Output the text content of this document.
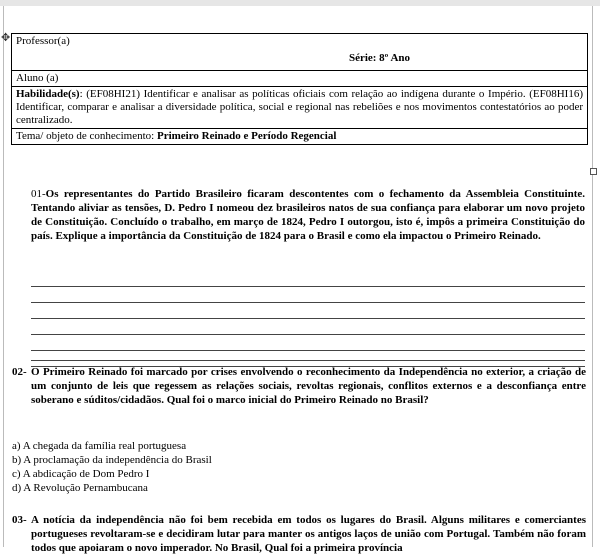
✥ Professor(a)
Série: 8º Ano

Aluno (a)
Habilidade(s): (EF08HI21) Identificar e analisar as políticas oficiais com relação ao indígena durante o Império. (EF08HI16) Identificar, comparar e analisar a diversidade política, social e regional nas rebeliões e nos movimentos contestatórios ao poder centralizado.
Tema/ objeto de conhecimento: Primeiro Reinado e Período Regencial
01-Os representantes do Partido Brasileiro ficaram descontentes com o fechamento da Assembleia Constituinte. Tentando aliviar as tensões, D. Pedro I nomeou dez brasileiros natos de sua confiança para elaborar um novo projeto de Constituição. Concluído o trabalho, em março de 1824, Pedro I outorgou, isto é, impôs a primeira Constituição do país. Explique a importância da Constituição de 1824 para o Brasil e como ela impactou o Primeiro Reinado.
02- O Primeiro Reinado foi marcado por crises envolvendo o reconhecimento da Independência no exterior, a criação de um conjunto de leis que regessem as relações sociais, revoltas regionais, conflitos externos e a desconfiança entre soberano e súditos/cidadãos. Qual foi o marco inicial do Primeiro Reinado no Brasil?
a) A chegada da família real portuguesa
b) A proclamação da independência do Brasil
c) A abdicação de Dom Pedro I
d) A Revolução Pernambucana
03- A notícia da independência não foi bem recebida em todos os lugares do Brasil. Alguns militares e comerciantes portugueses revoltaram-se e decidiram lutar para manter os antigos laços de união com Portugal. Também não foram todos que apoiaram o novo imperador. No Brasil, Qual foi a primeira província
